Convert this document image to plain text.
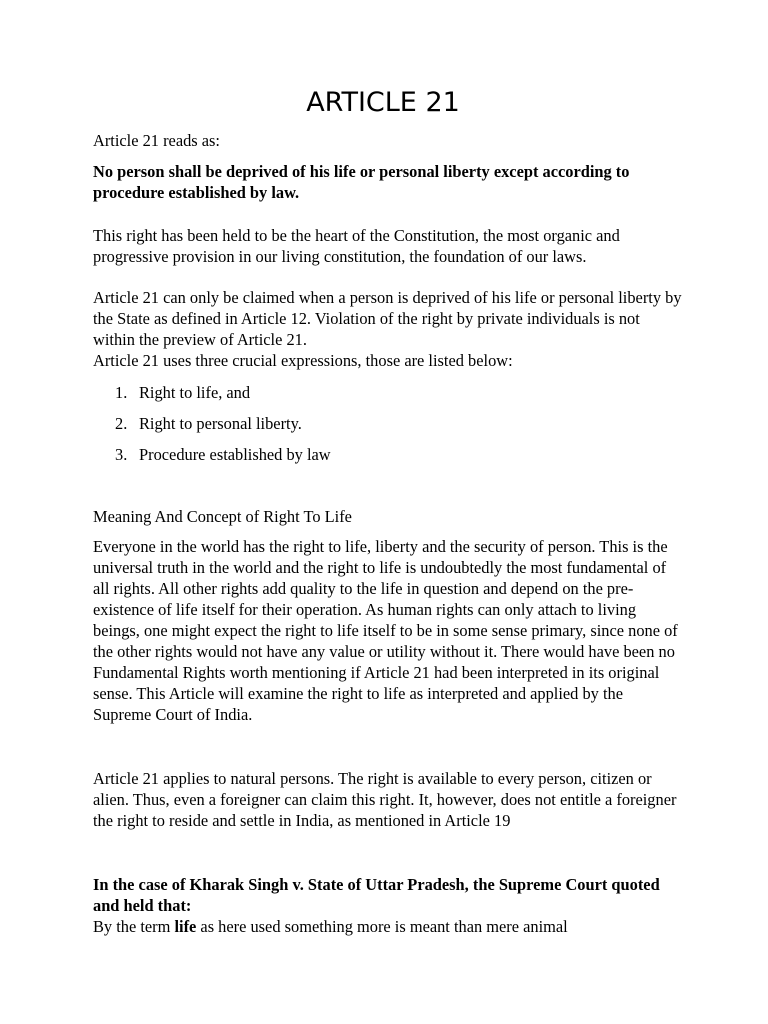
ARTICLE 21

Article 21 reads as:

No person shall be deprived of his life or personal liberty except according to procedure established by law.

This right has been held to be the heart of the Constitution, the most organic and progressive provision in our living constitution, the foundation of our laws.

Article 21 can only be claimed when a person is deprived of his life or personal liberty by the State as defined in Article 12. Violation of the right by private individuals is not within the preview of Article 21.

Article 21 uses three crucial expressions, those are listed below:

1. Right to life, and
2. Right to personal liberty.
3. Procedure established by law

Meaning And Concept of Right To Life

Everyone in the world has the right to life, liberty and the security of person. This is the universal truth in the world and the right to life is undoubtedly the most fundamental of all rights. All other rights add quality to the life in question and depend on the pre-existence of life itself for their operation. As human rights can only attach to living beings, one might expect the right to life itself to be in some sense primary, since none of the other rights would not have any value or utility without it. There would have been no Fundamental Rights worth mentioning if Article 21 had been interpreted in its original sense. This Article will examine the right to life as interpreted and applied by the Supreme Court of India.

Article 21 applies to natural persons. The right is available to every person, citizen or alien. Thus, even a foreigner can claim this right. It, however, does not entitle a foreigner the right to reside and settle in India, as mentioned in Article 19

In the case of Kharak Singh v. State of Uttar Pradesh, the Supreme Court quoted and held that:

By the term life as here used something more is meant than mere animal
